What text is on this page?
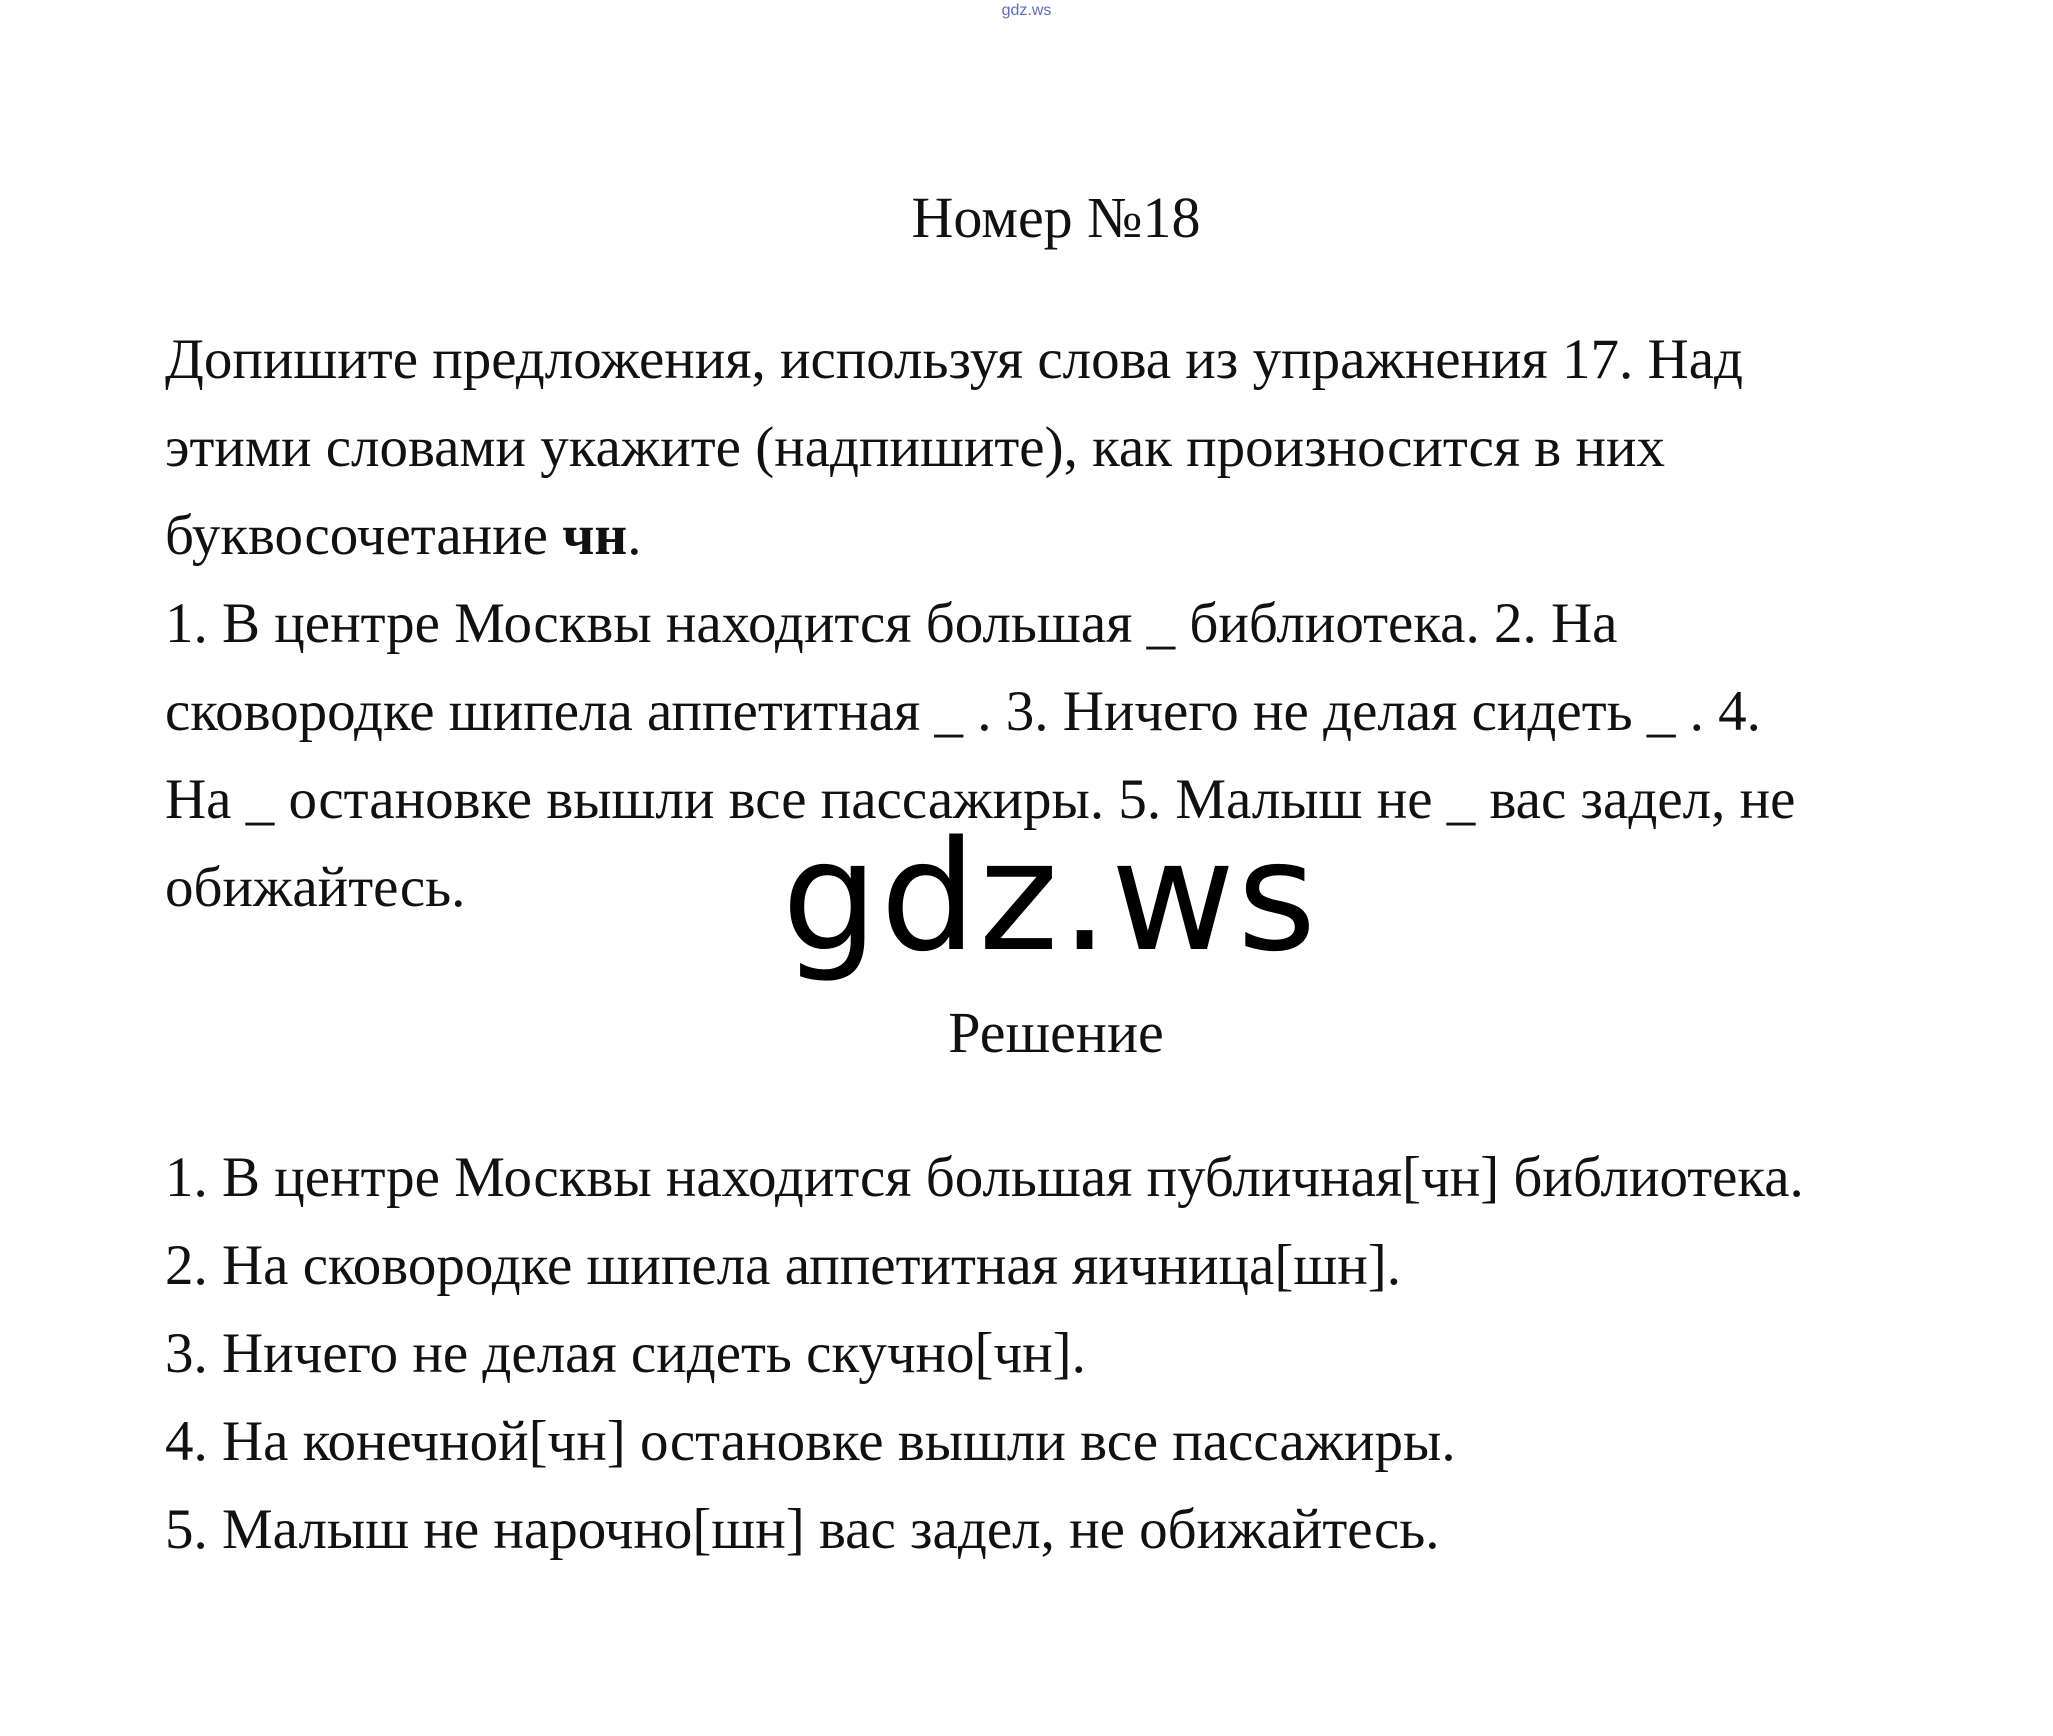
gdz.ws
Номер №18
Допишите предложения, используя слова из упражнения 17. Над
этими словами укажите (надпишите), как произносится в них
буквосочетание чн.
1. В центре Москвы находится большая _ библиотека. 2. На
сковородке шипела аппетитная _ . 3. Ничего не делая сидеть _ . 4.
На _ остановке вышли все пассажиры. 5. Малыш не _ вас задел, не
обижайтесь.	gdz.ws
Решение
1. В центре Москвы находится большая публичная[чн] библиотека.
2. На сковородке шипела аппетитная яичница[шн].
3. Ничего не делая сидеть скучно[чн].
4. На конечной[чн] остановке вышли все пассажиры.
5. Малыш не нарочно[шн] вас задел, не обижайтесь.
